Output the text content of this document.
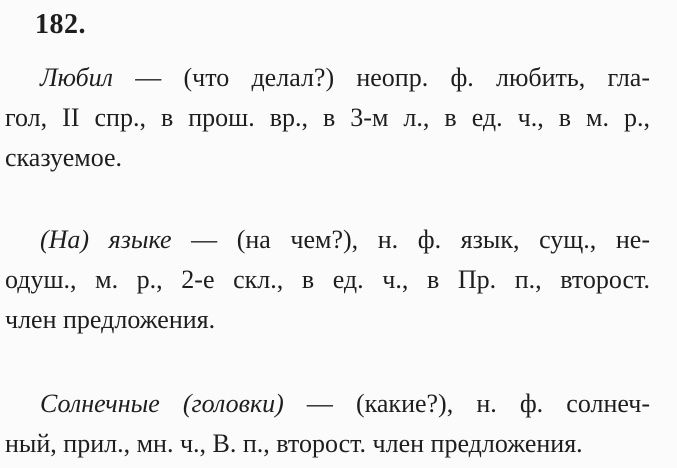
182.
Любил — (что делал?) неопр. ф. любить, гла-
гол, II спр., в прош. вр., в 3-м л., в ед. ч., в м. р.,
сказуемое.
(На) языке — (на чем?), н. ф. язык, сущ., не-
одуш., м. р., 2-е скл., в ед. ч., в Пр. п., второст.
член предложения.
Солнечные (головки) — (какие?), н. ф. солнеч-
ный, прил., мн. ч., В. п., второст. член предложения.
